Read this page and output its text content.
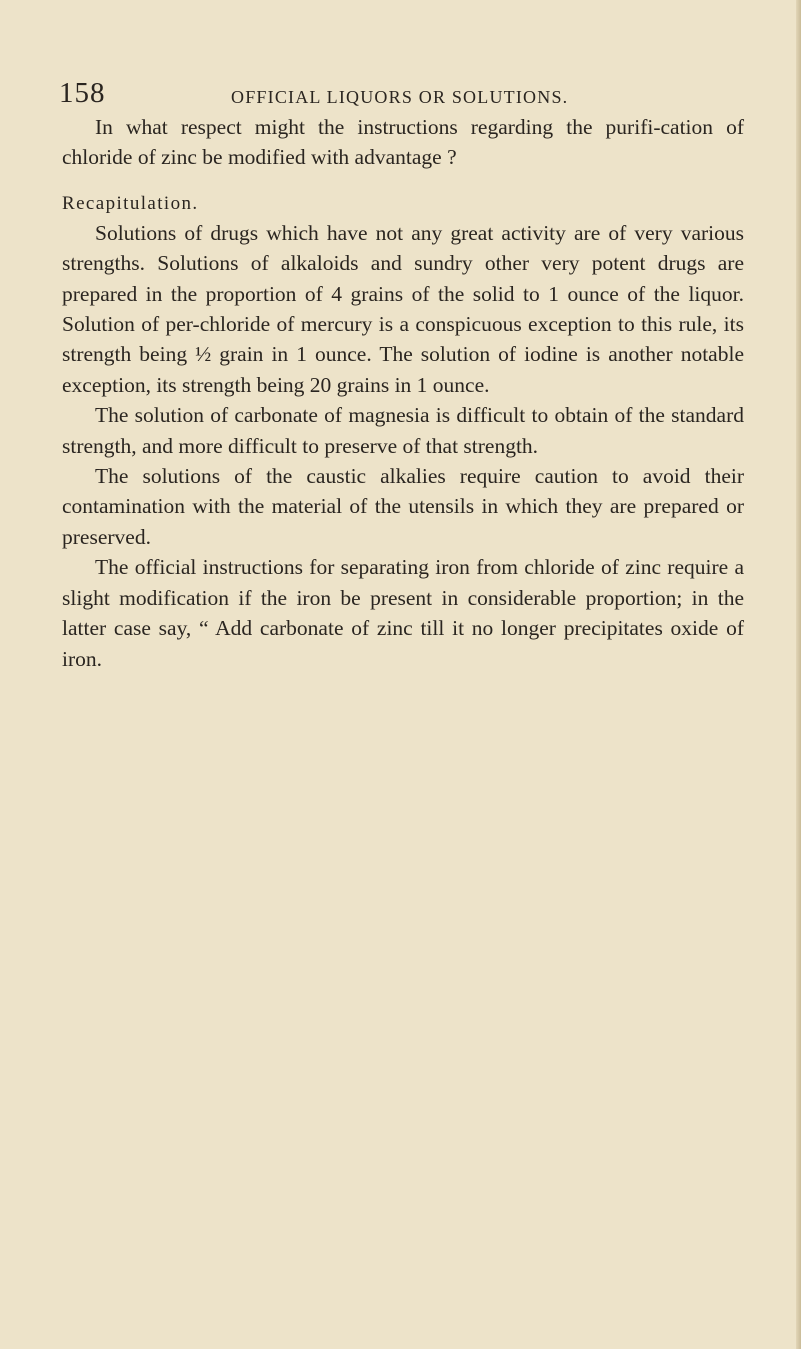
158	OFFICIAL LIQUORS OR SOLUTIONS.

In what respect might the instructions regarding the purifi-cation of chloride of zinc be modified with advantage ?

Recapitulation.

Solutions of drugs which have not any great activity are of very various strengths. Solutions of alkaloids and sundry other very potent drugs are prepared in the proportion of 4 grains of the solid to 1 ounce of the liquor. Solution of per-chloride of mercury is a conspicuous exception to this rule, its strength being ½ grain in 1 ounce. The solution of iodine is another notable exception, its strength being 20 grains in 1 ounce.

The solution of carbonate of magnesia is difficult to obtain of the standard strength, and more difficult to preserve of that strength.

The solutions of the caustic alkalies require caution to avoid their contamination with the material of the utensils in which they are prepared or preserved.

The official instructions for separating iron from chloride of zinc require a slight modification if the iron be present in considerable proportion; in the latter case say, “ Add carbonate of zinc till it no longer precipitates oxide of iron.
